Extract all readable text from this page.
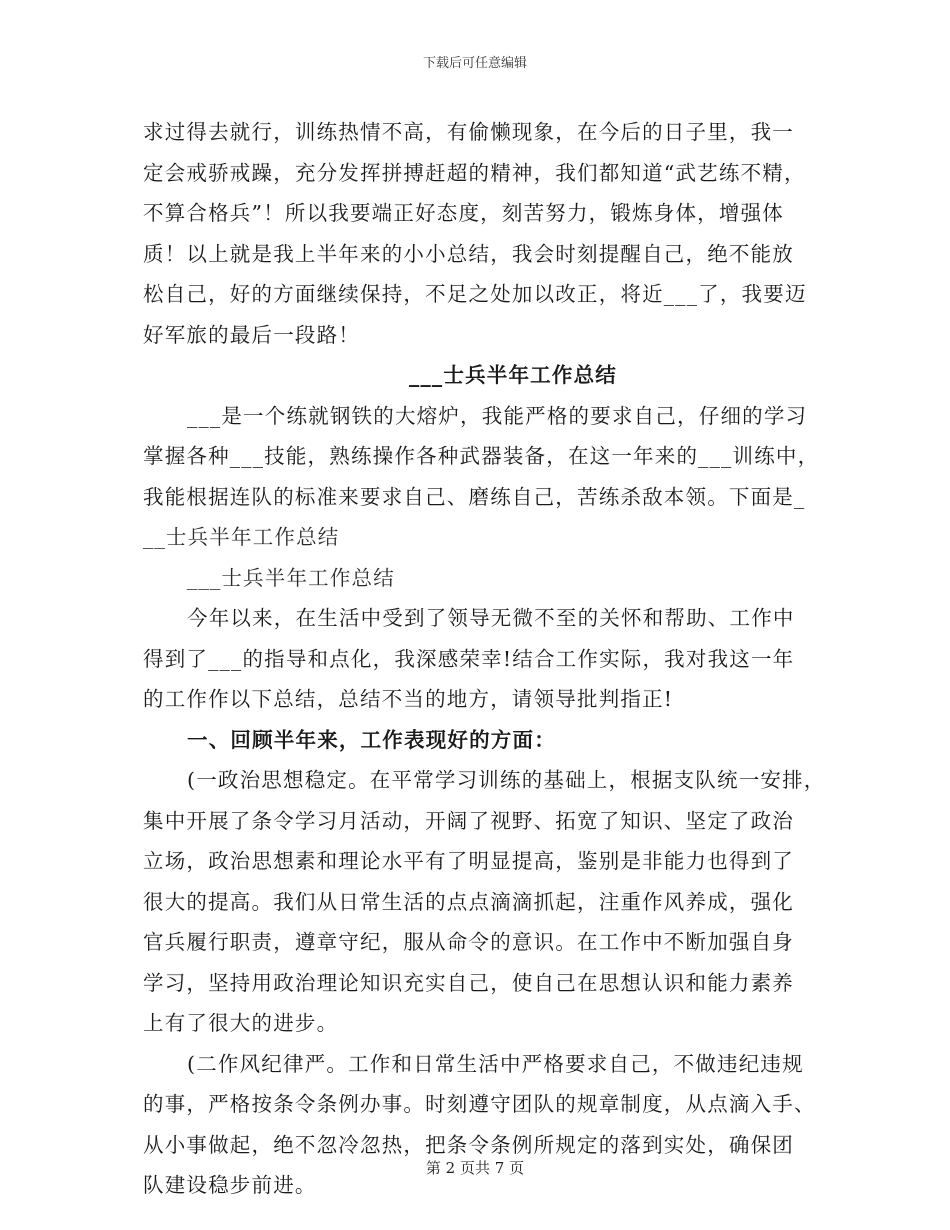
下载后可任意编辑
求过得去就行，训练热情不高，有偷懒现象，在今后的日子里，我一
定会戒骄戒躁，充分发挥拼搏赶超的精神，我们都知道“武艺练不精，
不算合格兵”！所以我要端正好态度，刻苦努力，锻炼身体，增强体
质！以上就是我上半年来的小小总结，我会时刻提醒自己，绝不能放
松自己，好的方面继续保持，不足之处加以改正，将近___了，我要迈
好军旅的最后一段路！
___士兵半年工作总结
___是一个练就钢铁的大熔炉，我能严格的要求自己，仔细的学习
掌握各种___技能，熟练操作各种武器装备，在这一年来的___训练中，
我能根据连队的标准来要求自己、磨练自己，苦练杀敌本领。下面是_
__士兵半年工作总结
___士兵半年工作总结
今年以来，在生活中受到了领导无微不至的关怀和帮助、工作中
得到了___的指导和点化，我深感荣幸!结合工作实际，我对我这一年
的工作作以下总结，总结不当的地方，请领导批判指正!
一、回顾半年来，工作表现好的方面：
(一政治思想稳定。在平常学习训练的基础上，根据支队统一安排，
集中开展了条令学习月活动，开阔了视野、拓宽了知识、坚定了政治
立场，政治思想素和理论水平有了明显提高，鉴别是非能力也得到了
很大的提高。我们从日常生活的点点滴滴抓起，注重作风养成，强化
官兵履行职责，遵章守纪，服从命令的意识。在工作中不断加强自身
学习，坚持用政治理论知识充实自己，使自己在思想认识和能力素养
上有了很大的进步。
(二作风纪律严。工作和日常生活中严格要求自己，不做违纪违规
的事，严格按条令条例办事。时刻遵守团队的规章制度，从点滴入手、
从小事做起，绝不忽冷忽热，把条令条例所规定的落到实处，确保团
队建设稳步前进。
第 2 页共 7 页
